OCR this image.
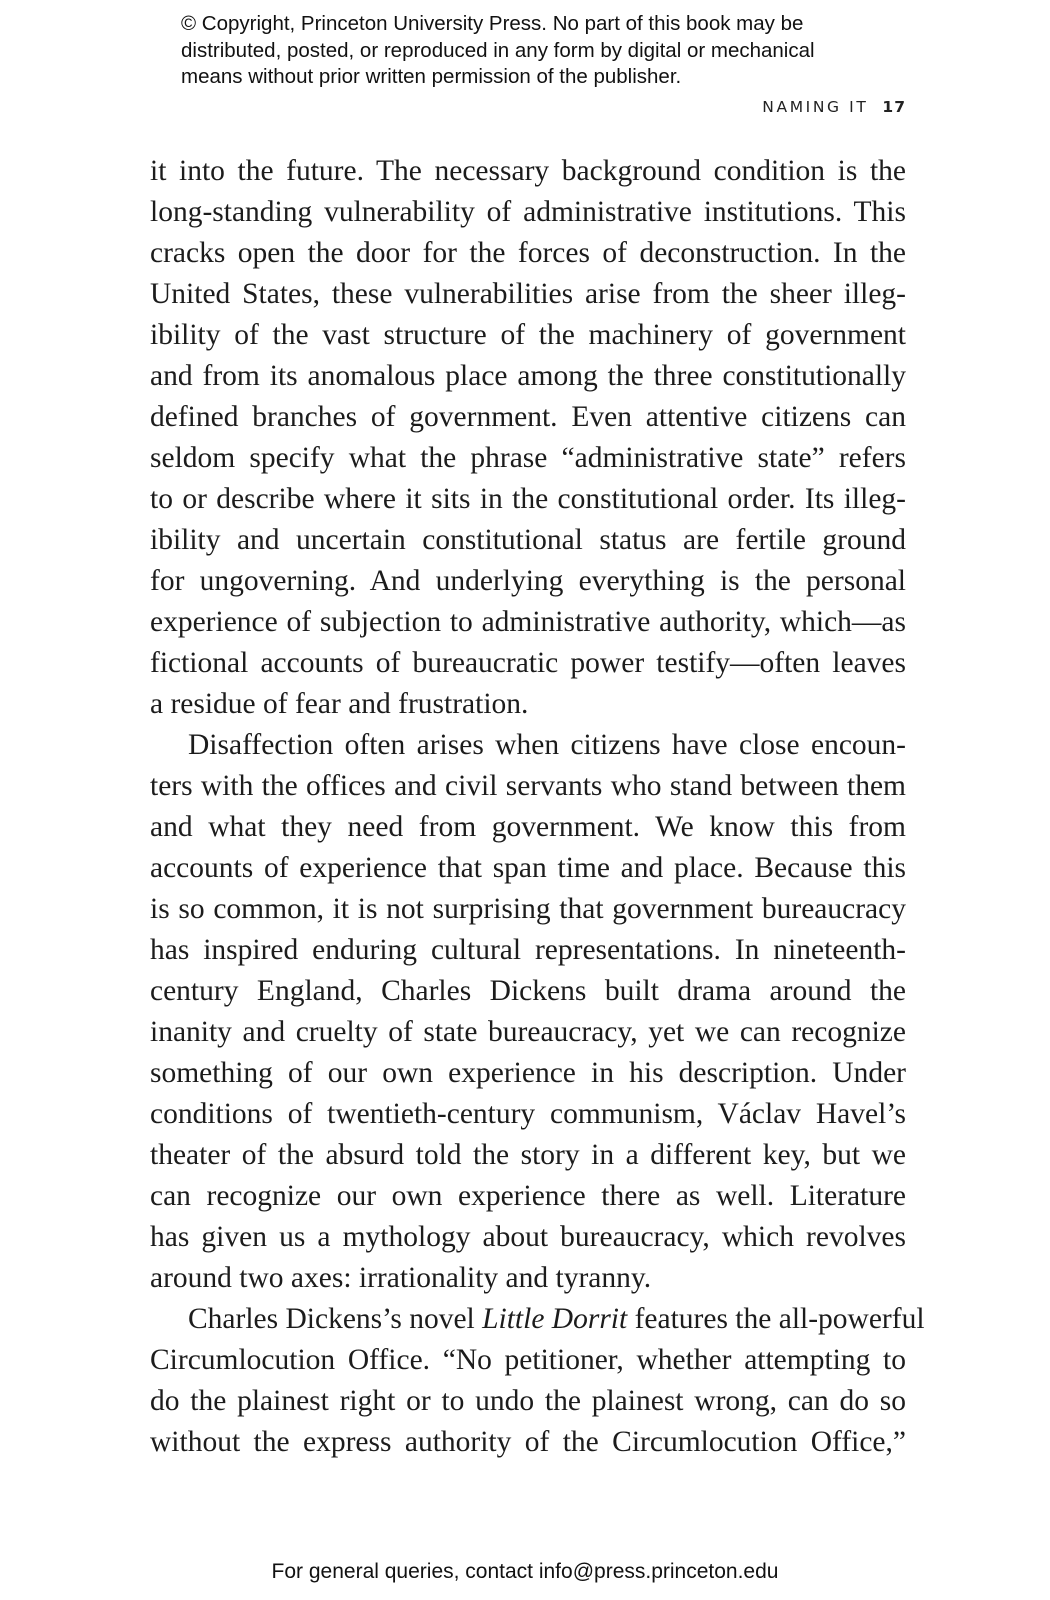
© Copyright, Princeton University Press. No part of this book may be
distributed, posted, or reproduced in any form by digital or mechanical
means without prior written permission of the publisher.
NAMING IT 17
it into the future. The necessary background condition is the
long-standing vulnerability of administrative institutions. This
cracks open the door for the forces of deconstruction. In the
United States, these vulnerabilities arise from the sheer illeg-
ibility of the vast structure of the machinery of government
and from its anomalous place among the three constitutionally
defined branches of government. Even attentive citizens can
seldom specify what the phrase “administrative state” refers
to or describe where it sits in the constitutional order. Its illeg-
ibility and uncertain constitutional status are fertile ground
for ungoverning. And underlying everything is the personal
experience of subjection to administrative authority, which—as
fictional accounts of bureaucratic power testify—often leaves
a residue of fear and frustration.
Disaffection often arises when citizens have close encoun-
ters with the offices and civil servants who stand between them
and what they need from government. We know this from
accounts of experience that span time and place. Because this
is so common, it is not surprising that government bureaucracy
has inspired enduring cultural representations. In nineteenth-
century England, Charles Dickens built drama around the
inanity and cruelty of state bureaucracy, yet we can recognize
something of our own experience in his description. Under
conditions of twentieth-century communism, Václav Havel’s
theater of the absurd told the story in a different key, but we
can recognize our own experience there as well. Literature
has given us a mythology about bureaucracy, which revolves
around two axes: irrationality and tyranny.
Charles Dickens’s novel Little Dorrit features the all-powerful
Circumlocution Office. “No petitioner, whether attempting to
do the plainest right or to undo the plainest wrong, can do so
without the express authority of the Circumlocution Office,”
For general queries, contact info@press.princeton.edu
